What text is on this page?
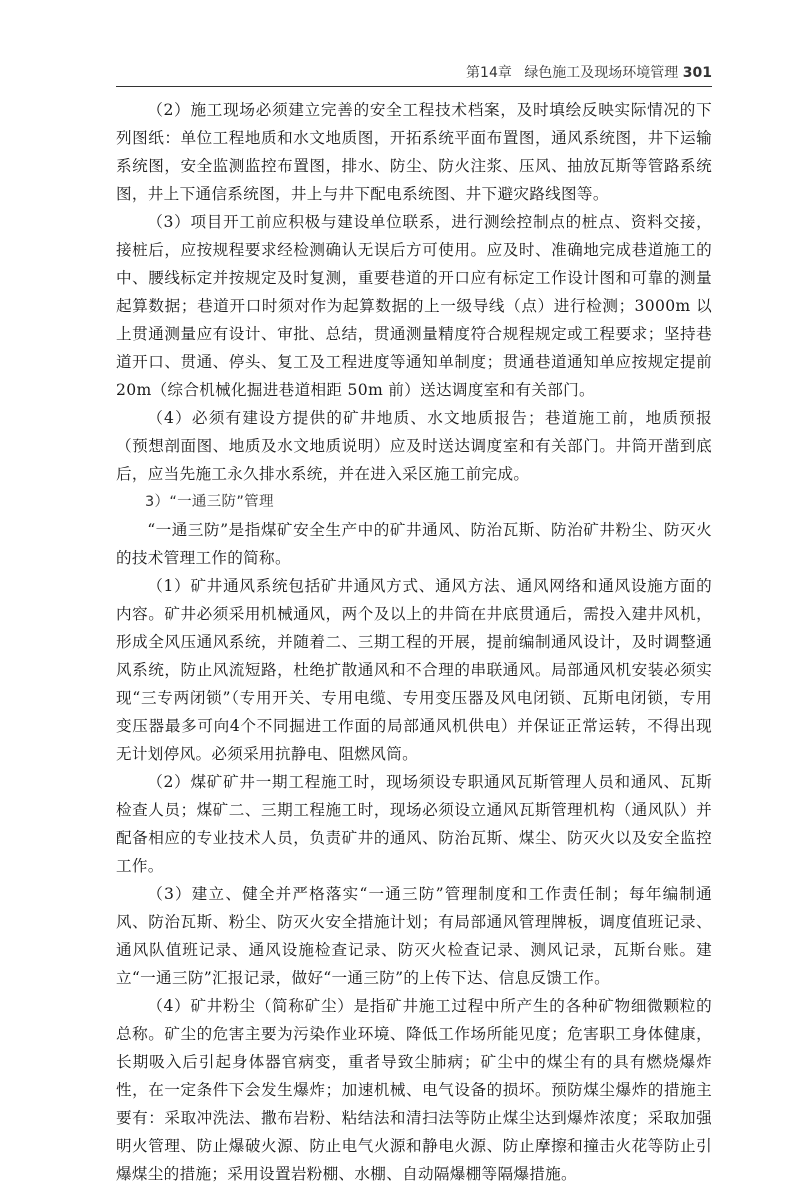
第14章 绿色施工及现场环境管理 301

（2）施工现场必须建立完善的安全工程技术档案，及时填绘反映实际情况的下列图纸：单位工程地质和水文地质图，开拓系统平面布置图，通风系统图，井下运输系统图，安全监测监控布置图，排水、防尘、防火注浆、压风、抽放瓦斯等管路系统图，井上下通信系统图，井上与井下配电系统图、井下避灾路线图等。

（3）项目开工前应积极与建设单位联系，进行测绘控制点的桩点、资料交接，接桩后，应按规程要求经检测确认无误后方可使用。应及时、准确地完成巷道施工的中、腰线标定并按规定及时复测，重要巷道的开口应有标定工作设计图和可靠的测量起算数据；巷道开口时须对作为起算数据的上一级导线（点）进行检测；3000m 以上贯通测量应有设计、审批、总结，贯通测量精度符合规程规定或工程要求；坚持巷道开口、贯通、停头、复工及工程进度等通知单制度；贯通巷道通知单应按规定提前 20m（综合机械化掘进巷道相距 50m 前）送达调度室和有关部门。

（4）必须有建设方提供的矿井地质、水文地质报告；巷道施工前，地质预报（预想剖面图、地质及水文地质说明）应及时送达调度室和有关部门。井筒开凿到底后，应当先施工永久排水系统，并在进入采区施工前完成。

3）“一通三防”管理

“一通三防”是指煤矿安全生产中的矿井通风、防治瓦斯、防治矿井粉尘、防灭火的技术管理工作的简称。

（1）矿井通风系统包括矿井通风方式、通风方法、通风网络和通风设施方面的内容。矿井必须采用机械通风，两个及以上的井筒在井底贯通后，需投入建井风机，形成全风压通风系统，并随着二、三期工程的开展，提前编制通风设计，及时调整通风系统，防止风流短路，杜绝扩散通风和不合理的串联通风。局部通风机安装必须实现“三专两闭锁”（专用开关、专用电缆、专用变压器及风电闭锁、瓦斯电闭锁，专用变压器最多可向4个不同掘进工作面的局部通风机供电）并保证正常运转，不得出现无计划停风。必须采用抗静电、阻燃风筒。

（2）煤矿矿井一期工程施工时，现场须设专职通风瓦斯管理人员和通风、瓦斯检查人员；煤矿二、三期工程施工时，现场必须设立通风瓦斯管理机构（通风队）并配备相应的专业技术人员，负责矿井的通风、防治瓦斯、煤尘、防灭火以及安全监控工作。

（3）建立、健全并严格落实“一通三防”管理制度和工作责任制；每年编制通风、防治瓦斯、粉尘、防灭火安全措施计划；有局部通风管理牌板，调度值班记录、通风队值班记录、通风设施检查记录、防灭火检查记录、测风记录，瓦斯台账。建立“一通三防”汇报记录，做好“一通三防”的上传下达、信息反馈工作。

（4）矿井粉尘（简称矿尘）是指矿井施工过程中所产生的各种矿物细微颗粒的总称。矿尘的危害主要为污染作业环境、降低工作场所能见度；危害职工身体健康，长期吸入后引起身体器官病变，重者导致尘肺病；矿尘中的煤尘有的具有燃烧爆炸性，在一定条件下会发生爆炸；加速机械、电气设备的损坏。预防煤尘爆炸的措施主要有：采取冲洗法、撒布岩粉、粘结法和清扫法等防止煤尘达到爆炸浓度；采取加强明火管理、防止爆破火源、防止电气火源和静电火源、防止摩擦和撞击火花等防止引爆煤尘的措施；采用设置岩粉棚、水棚、自动隔爆棚等隔爆措施。
